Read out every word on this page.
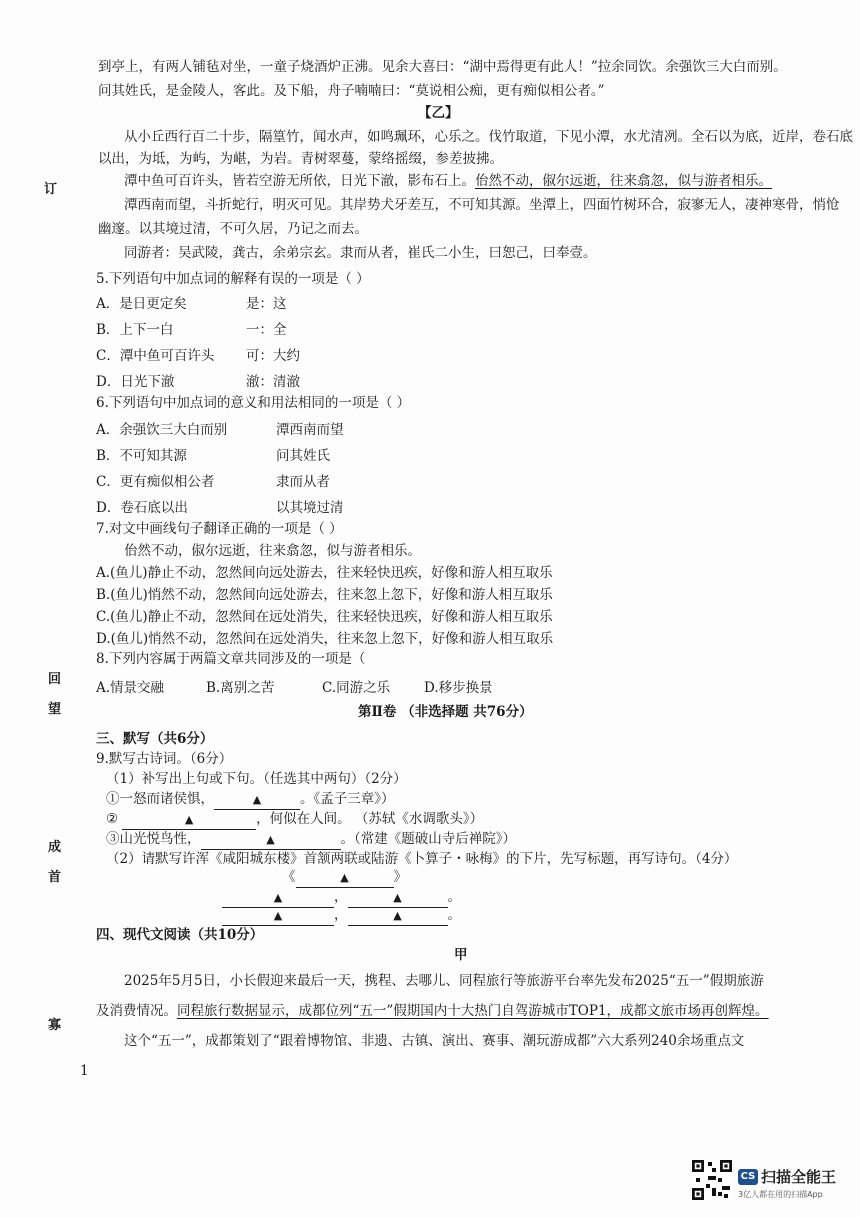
到亭上，有两人铺毡对坐，一童子烧酒炉正沸。见余大喜曰：“湖中焉得更有此人！”拉余同饮。余强饮三大白而别。
问其姓氏，是金陵人，客此。及下船，舟子喃喃曰：“莫说相公痴，更有痴似相公者。”
【乙】
从小丘西行百二十步，隔篁竹，闻水声，如鸣珮环，心乐之。伐竹取道，下见小潭，水尤清冽。全石以为底，近岸，卷石底
以出，为坻，为屿，为嵁，为岩。青树翠蔓，蒙络摇缀，参差披拂。
潭中鱼可百许头，皆若空游无所依，日光下澈，影布石上。佁然不动，俶尔远逝，往来翕忽，似与游者相乐。
潭西南而望，斗折蛇行，明灭可见。其岸势犬牙差互，不可知其源。坐潭上，四面竹树环合，寂寥无人，凄神寒骨，悄怆
幽邃。以其境过清，不可久居，乃记之而去。
同游者：吴武陵，龚古，余弟宗玄。隶而从者，崔氏二小生，曰恕己，曰奉壹。
5.下列语句中加点词的解释有误的一项是（ ）
A．是日更定矣	是：这
B．上下一白	一：全
C．潭中鱼可百许头 可：大约
D．日光下澈	澈：清澈
6.下列语句中加点词的意义和用法相同的一项是（ ）
A．余强饮三大白而别	潭西南而望
B．不可知其源	问其姓氏
C．更有痴似相公者	隶而从者
D．卷石底以出	以其境过清
7.对文中画线句子翻译正确的一项是（ ）
佁然不动，俶尔远逝，往来翕忽，似与游者相乐。
A.(鱼儿)静止不动，忽然间向远处游去，往来轻快迅疾，好像和游人相互取乐
B.(鱼儿)悄然不动，忽然间向远处游去，往来忽上忽下，好像和游人相互取乐
C.(鱼儿)静止不动，忽然间在远处消失，往来轻快迅疾，好像和游人相互取乐
D.(鱼儿)悄然不动，忽然间在远处消失，往来忽上忽下，好像和游人相互取乐
8.下列内容属于两篇文章共同涉及的一项是（
A.情景交融	B.离别之苦	C.同游之乐	D.移步换景
第Ⅱ卷 （非选择题 共76分）
三、默写（共6分）
9.默写古诗词。（6分）
（1）补写出上句或下句。（任选其中两句）（2分）
①一怒而诸侯惧，	▲	。《孟子三章》）
②	▲	，何似在人间。 （苏轼《水调歌头》）
③山光悦鸟性，	▲	。（常建《题破山寺后禅院》）
（2）请默写许浑《咸阳城东楼》首颔两联或陆游《卜算子・咏梅》的下片，先写标题，再写诗句。（4分）
《	▲	》
▲	，	▲	。
▲	，	▲	。
四、现代文阅读（共10分）
甲
2025年5月5日，小长假迎来最后一天，携程、去哪儿、同程旅行等旅游平台率先发布2025“五一”假期旅游
及消费情况。同程旅行数据显示，成都位列“五一”假期国内十大热门自驾游城市TOP1，成都文旅市场再创辉煌。
这个“五一”，成都策划了“跟着博物馆、非遗、古镇、演出、赛事、潮玩游成都”六大系列240余场重点文
订
回
望
成
首
寡
1
CS 扫描全能王
3亿人都在用的扫描App
